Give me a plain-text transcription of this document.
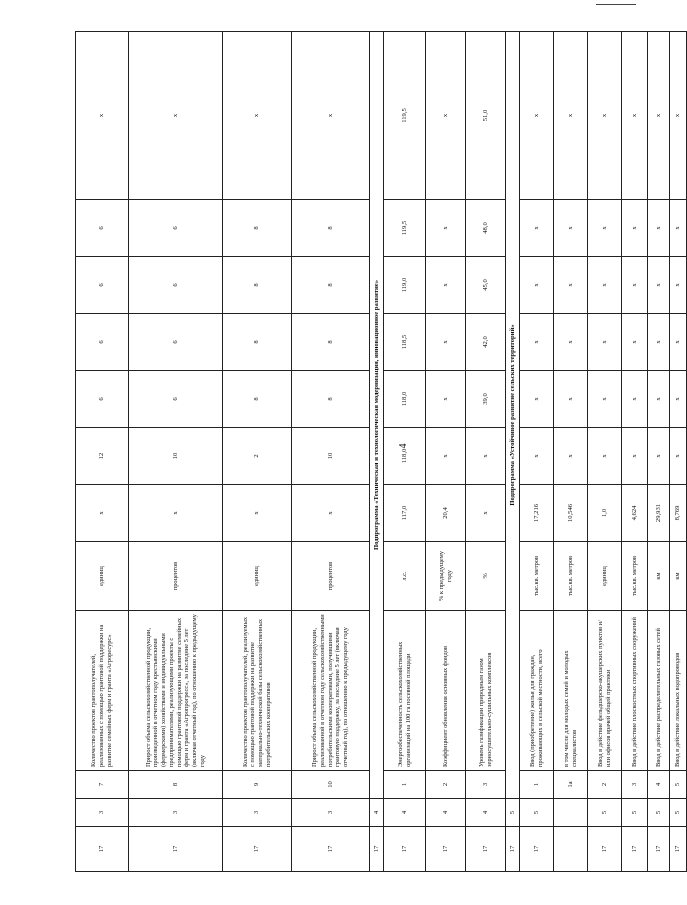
4
17	3	7	Количество проектов грантополучателей, реализованных с помощью грантовой поддержки на развитие семейных ферм и гранта «Агроресурс»	единиц	х	12	6	6	6	6	х
17	3	8	Прирост объема сельскохозяйственной продукции, произведенной в отчетном году крестьянскими (фермерскими) хозяйствами и индивидуальными предпринимателями, реализующими проекты с помощью грантовой поддержки на развитие семейных ферм и гранта «Агропрогресс», за последние 5 лет (включая отчетный год), по отношению к предыдущему году	процентов	х	10	6	6	6	6	х
17	3	9	Количество проектов грантополучателей, реализуемых с помощью грантовой поддержки на развитие материально-технической базы сельскохозяйственных потребительских кооперативов	единиц	х	2	8	8	8	8	х
17	3	10	Прирост объема сельскохозяйственной продукции, реализованной в отчетном году сельскохозяйственными потребительскими кооперативами, получившими грантовую поддержку, за последние 5 лет (включая отчетный год), по отношению к предыдущему году	процентов	х	10	8	8	8	8	х
17	4	Подпрограмма «Техническая и технологическая модернизация, инновационное развитие»									
17	4	1	Энергообеспеченность сельскохозяйственных организаций на 100 га посевной площади	л.с.	117,0	118,0	118,0	118,5	119,0	119,5	119,5
17	4	2	Коэффициент обновления основных фондов	% к предыдущему году	20,4	х	х	х	х	х	х
17	4	3	Уровень газификации природным газом зерносушительно-сушильных комплексов	%	х	х	39,0	42,0	45,0	48,0	51,0
17	5	Подпрограмма «Устойчивое развитие сельских территорий»									
17	5	1	Ввод (приобретение) жилья для граждан, проживающих в сельской местности, всего	тыс.кв. метров	17,216	х	х	х	х	х	х
		1а	в том числе для молодых семей и молодых специалистов	тыс.кв. метров	10,546	х	х	х	х	х	х
17	5	2	Ввод в действие фельдшерско-акушерских пунктов и/или офисов врачей общей практики	единиц	1,0	х	х	х	х	х	х
17	5	3	Ввод в действие плоскостных спортивных сооружений	тыс.кв. метров	4,624	х	х	х	х	х	х
17	5	4	Ввод в действие распределительных газовых сетей	км	29,931	х	х	х	х	х	х
17	5	5	Ввод в действие локальных водопроводов	км	8,769	х	х	х	х	х	х
